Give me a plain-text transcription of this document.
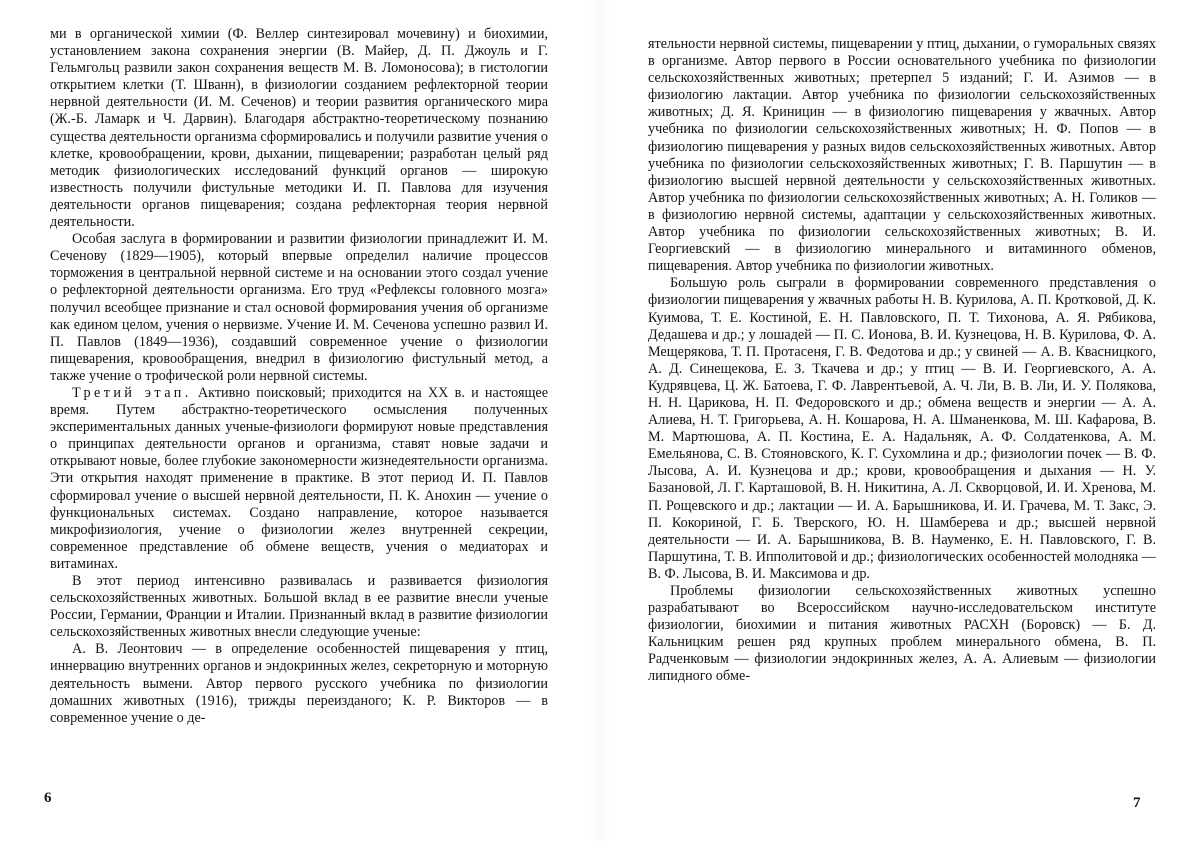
ми в органической химии (Ф. Веллер синтезировал мочевину) и биохимии, установлением закона сохранения энергии (В. Майер, Д. П. Джоуль и Г. Гельмгольц развили закон сохранения веществ М. В. Ломоносова); в гистологии открытием клетки (Т. Шванн), в физиологии созданием рефлекторной теории нервной деятельности (И. М. Сеченов) и теории развития органического мира (Ж.-Б. Ламарк и Ч. Дарвин). Благодаря абстрактно-теоретическому познанию существа деятельности организма сформировались и получили развитие учения о клетке, кровообращении, крови, дыхании, пищеварении; разработан целый ряд методик физиологических исследований функций органов — широкую известность получили фистульные методики И. П. Павлова для изучения деятельности органов пищеварения; создана рефлекторная теория нервной деятельности.

Особая заслуга в формировании и развитии физиологии принадлежит И. М. Сеченову (1829—1905), который впервые определил наличие процессов торможения в центральной нервной системе и на основании этого создал учение о рефлекторной деятельности организма. Его труд «Рефлексы головного мозга» получил всеобщее признание и стал основой формирования учения об организме как едином целом, учения о нервизме. Учение И. М. Сеченова успешно развил И. П. Павлов (1849—1936), создавший современное учение о физиологии пищеварения, кровообращения, внедрил в физиологию фистульный метод, а также учение о трофической роли нервной системы.

Третий этап. Активно поисковый; приходится на XX в. и настоящее время. Путем абстрактно-теоретического осмысления полученных экспериментальных данных ученые-физиологи формируют новые представления о принципах деятельности органов и организма, ставят новые задачи и открывают новые, более глубокие закономерности жизнедеятельности организма. Эти открытия находят применение в практике. В этот период И. П. Павлов сформировал учение о высшей нервной деятельности, П. К. Анохин — учение о функциональных системах. Создано направление, которое называется микрофизиология, учение о физиологии желез внутренней секреции, современное представление об обмене веществ, учения о медиаторах и витаминах.

В этот период интенсивно развивалась и развивается физиология сельскохозяйственных животных. Большой вклад в ее развитие внесли ученые России, Германии, Франции и Италии. Признанный вклад в развитие физиологии сельскохозяйственных животных внесли следующие ученые:

А. В. Леонтович — в определение особенностей пищеварения у птиц, иннервацию внутренних органов и эндокринных желез, секреторную и моторную деятельность вымени. Автор первого русского учебника по физиологии домашних животных (1916), трижды переизданого; К. Р. Викторов — в современное учение о де-

6

ятельности нервной системы, пищеварении у птиц, дыхании, о гуморальных связях в организме. Автор первого в России основательного учебника по физиологии сельскохозяйственных животных; претерпел 5 изданий; Г. И. Азимов — в физиологию лактации. Автор учебника по физиологии сельскохозяйственных животных; Д. Я. Криницин — в физиологию пищеварения у жвачных. Автор учебника по физиологии сельскохозяйственных животных; Н. Ф. Попов — в физиологию пищеварения у разных видов сельскохозяйственных животных. Автор учебника по физиологии сельскохозяйственных животных; Г. В. Паршутин — в физиологию высшей нервной деятельности у сельскохозяйственных животных. Автор учебника по физиологии сельскохозяйственных животных; А. Н. Голиков — в физиологию нервной системы, адаптации у сельскохозяйственных животных. Автор учебника по физиологии сельскохозяйственных животных; В. И. Георгиевский — в физиологию минерального и витаминного обменов, пищеварения. Автор учебника по физиологии животных.

Большую роль сыграли в формировании современного представления о физиологии пищеварения у жвачных работы Н. В. Курилова, А. П. Кротковой, Д. К. Куимова, Т. Е. Костиной, Е. Н. Павловского, П. Т. Тихонова, А. Я. Рябикова, Дедашева и др.; у лошадей — П. С. Ионова, В. И. Кузнецова, Н. В. Курилова, Ф. А. Мещерякова, Т. П. Протасеня, Г. В. Федотова и др.; у свиней — А. В. Квасницкого, А. Д. Синещекова, Е. З. Ткачева и др.; у птиц — В. И. Георгиевского, А. А. Кудрявцева, Ц. Ж. Батоева, Г. Ф. Лаврентьевой, А. Ч. Ли, В. В. Ли, И. У. Полякова, Н. Н. Царикова, Н. П. Федоровского и др.; обмена веществ и энергии — А. А. Алиева, Н. Т. Григорьева, А. Н. Кошарова, Н. А. Шманенкова, М. Ш. Кафарова, В. М. Мартюшова, А. П. Костина, Е. А. Надальняк, А. Ф. Солдатенкова, А. М. Емельянова, С. В. Стояновского, К. Г. Сухомлина и др.; физиологии почек — В. Ф. Лысова, А. И. Кузнецова и др.; крови, кровообращения и дыхания — Н. У. Базановой, Л. Г. Карташовой, В. Н. Никитина, А. Л. Скворцовой, И. И. Хренова, М. П. Рощевского и др.; лактации — И. А. Барышникова, И. И. Грачева, М. Т. Закс, Э. П. Кокориной, Г. Б. Тверского, Ю. Н. Шамберева и др.; высшей нервной деятельности — И. А. Барышникова, В. В. Науменко, Е. Н. Павловского, Г. В. Паршутина, Т. В. Ипполитовой и др.; физиологических особенностей молодняка — В. Ф. Лысова, В. И. Максимова и др.

Проблемы физиологии сельскохозяйственных животных успешно разрабатывают во Всероссийском научно-исследовательском институте физиологии, биохимии и питания животных РАСХН (Боровск) — Б. Д. Кальницким решен ряд крупных проблем минерального обмена, В. П. Радченковым — физиологии эндокринных желез, А. А. Алиевым — физиологии липидного обме-

7
